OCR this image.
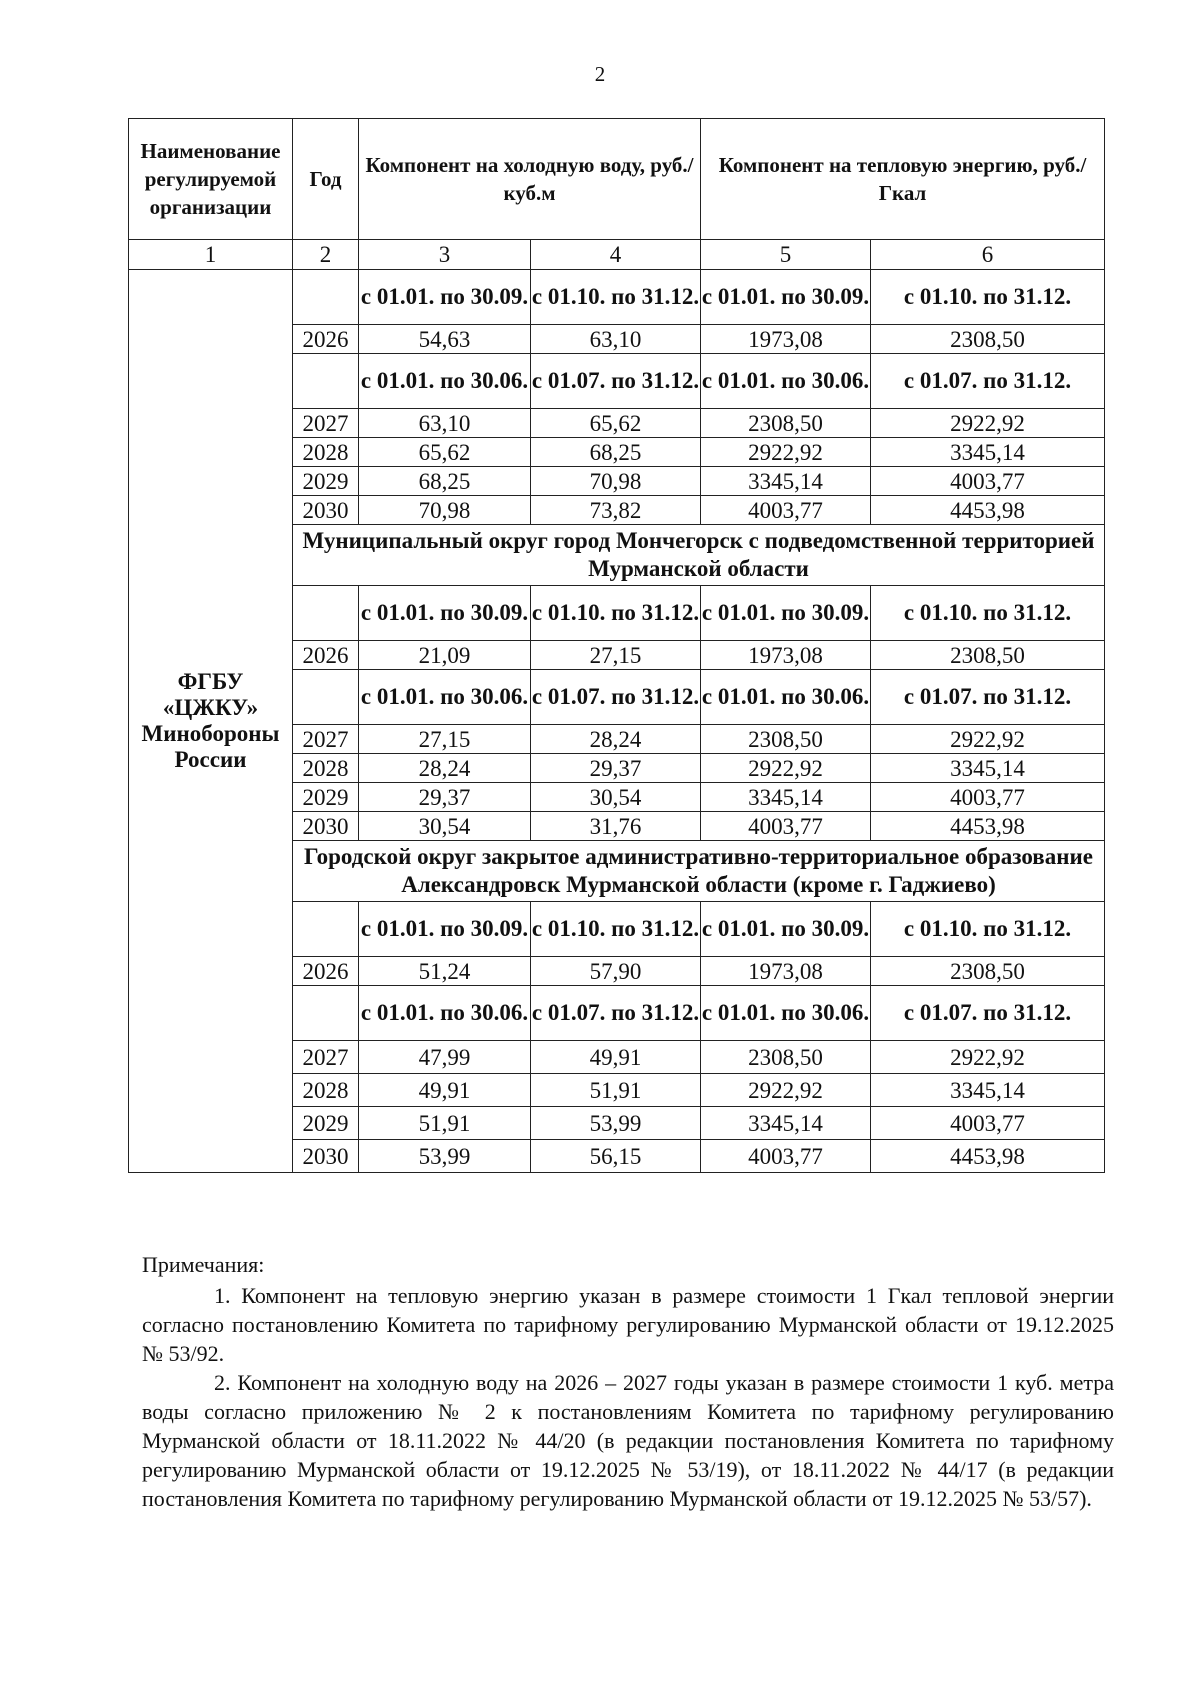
2
Наименование регулируемой организации	Год	Компонент на холодную воду, руб./куб.м		Компонент на тепловую энергию, руб./Гкал	
1	2	3	4	5	6
ФГБУ «ЦЖКУ» Минобороны России		с 01.01. по 30.09.	с 01.10. по 31.12.	с 01.01. по 30.09.	с 01.10. по 31.12.
	2026	54,63	63,10	1973,08	2308,50
		с 01.01. по 30.06.	с 01.07. по 31.12.	с 01.01. по 30.06.	с 01.07. по 31.12.
	2027	63,10	65,62	2308,50	2922,92
	2028	65,62	68,25	2922,92	3345,14
	2029	68,25	70,98	3345,14	4003,77
	2030	70,98	73,82	4003,77	4453,98
	Муниципальный округ город Мончегорск с подведомственной территорией Мурманской области				
		с 01.01. по 30.09.	с 01.10. по 31.12.	с 01.01. по 30.09.	с 01.10. по 31.12.
	2026	21,09	27,15	1973,08	2308,50
		с 01.01. по 30.06.	с 01.07. по 31.12.	с 01.01. по 30.06.	с 01.07. по 31.12.
	2027	27,15	28,24	2308,50	2922,92
	2028	28,24	29,37	2922,92	3345,14
	2029	29,37	30,54	3345,14	4003,77
	2030	30,54	31,76	4003,77	4453,98
	Городской округ закрытое административно-территориальное образование Александровск Мурманской области (кроме г. Гаджиево)				
		с 01.01. по 30.09.	с 01.10. по 31.12.	с 01.01. по 30.09.	с 01.10. по 31.12.
	2026	51,24	57,90	1973,08	2308,50
		с 01.01. по 30.06.	с 01.07. по 31.12.	с 01.01. по 30.06.	с 01.07. по 31.12.
	2027	47,99	49,91	2308,50	2922,92
	2028	49,91	51,91	2922,92	3345,14
	2029	51,91	53,99	3345,14	4003,77
	2030	53,99	56,15	4003,77	4453,98

Примечания:

1. Компонент на тепловую энергию указан в размере стоимости 1 Гкал тепловой энергии согласно постановлению Комитета по тарифному регулированию Мурманской области от 19.12.2025 № 53/92.

2. Компонент на холодную воду на 2026 – 2027 годы указан в размере стоимости 1 куб. метра воды согласно приложению № 2 к постановлениям Комитета по тарифному регулированию Мурманской области от 18.11.2022 № 44/20 (в редакции постановления Комитета по тарифному регулированию Мурманской области от 19.12.2025 № 53/19), от 18.11.2022 № 44/17 (в редакции постановления Комитета по тарифному регулированию Мурманской области от 19.12.2025 № 53/57).
